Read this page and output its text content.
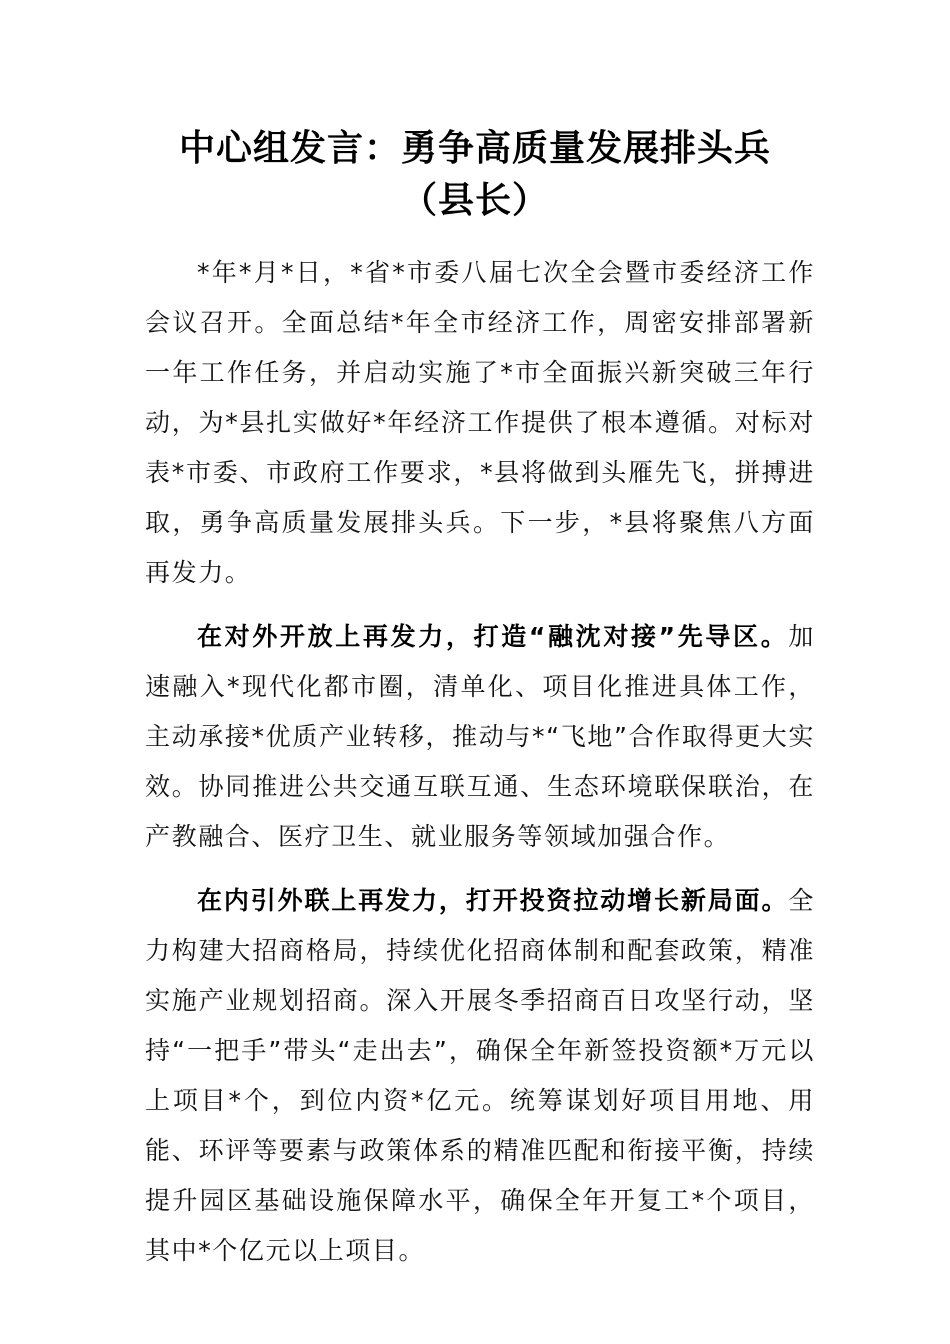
中心组发言：勇争高质量发展排头兵（县长）

*年*月*日，*省*市委八届七次全会暨市委经济工作会议召开。全面总结*年全市经济工作，周密安排部署新一年工作任务，并启动实施了*市全面振兴新突破三年行动，为*县扎实做好*年经济工作提供了根本遵循。对标对表*市委、市政府工作要求，*县将做到头雁先飞，拼搏进取，勇争高质量发展排头兵。下一步，*县将聚焦八方面再发力。

在对外开放上再发力，打造“融沈对接”先导区。加速融入*现代化都市圈，清单化、项目化推进具体工作，主动承接*优质产业转移，推动与*“飞地”合作取得更大实效。协同推进公共交通互联互通、生态环境联保联治，在产教融合、医疗卫生、就业服务等领域加强合作。

在内引外联上再发力，打开投资拉动增长新局面。全力构建大招商格局，持续优化招商体制和配套政策，精准实施产业规划招商。深入开展冬季招商百日攻坚行动，坚持“一把手”带头“走出去”，确保全年新签投资额*万元以上项目*个，到位内资*亿元。统筹谋划好项目用地、用能、环评等要素与政策体系的精准匹配和衔接平衡，持续提升园区基础设施保障水平，确保全年开复工*个项目，其中*个亿元以上项目。
